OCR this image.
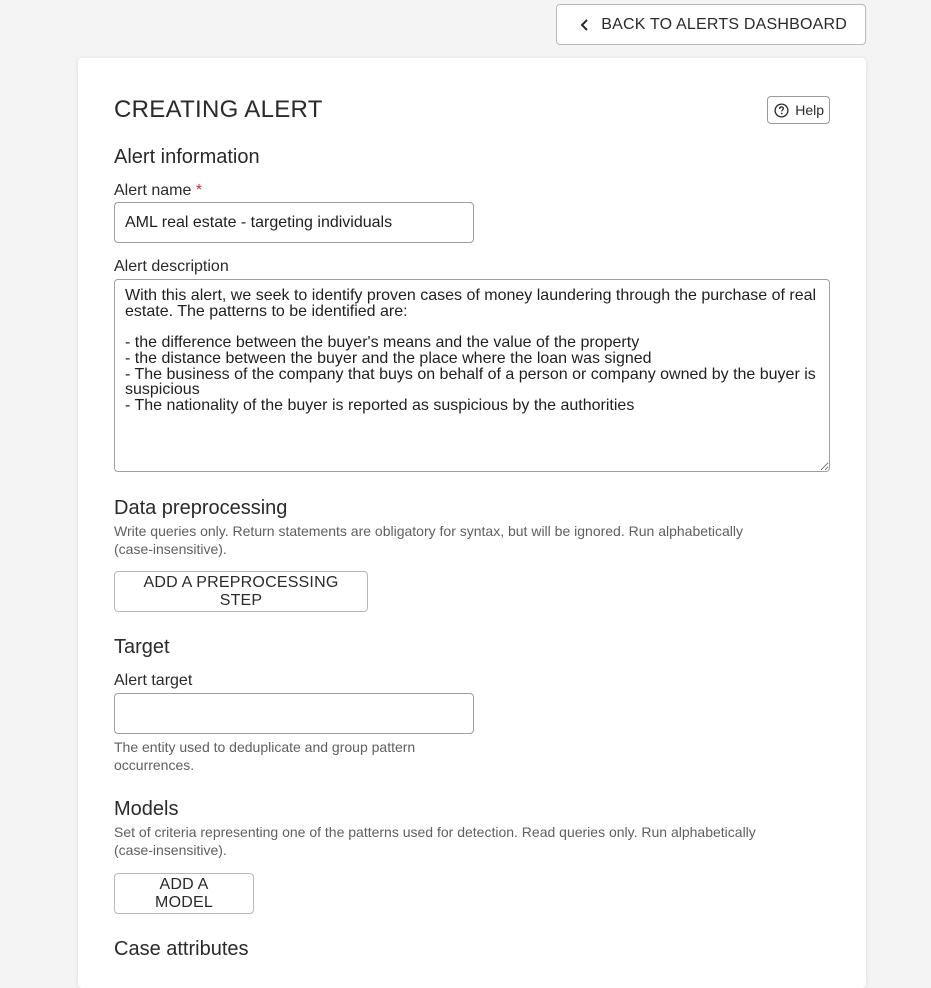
BACK TO ALERTS DASHBOARD
CREATING ALERT	Help
Alert information
Alert name *
AML real estate - targeting individuals
Alert description
With this alert, we seek to identify proven cases of money laundering through the purchase of real estate. The patterns to be identified are: - the difference between the buyer's means and the value of the property - the distance between the buyer and the place where the loan was signed - The business of the company that buys on behalf of a person or company owned by the buyer is suspicious - The nationality of the buyer is reported as suspicious by the authorities
Data preprocessing
Write queries only. Return statements are obligatory for syntax, but will be ignored. Run alphabetically (case-insensitive).
ADD A PREPROCESSING STEP
Target
Alert target
The entity used to deduplicate and group pattern occurrences.
Models
Set of criteria representing one of the patterns used for detection. Read queries only. Run alphabetically (case-insensitive).
ADD A MODEL
Case attributes
